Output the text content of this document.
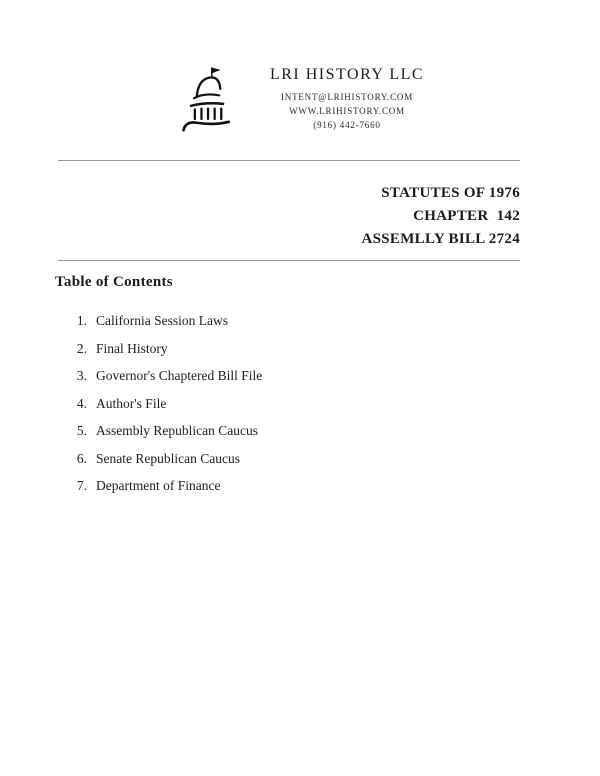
LRI HISTORY LLC
INTENT@LRIHISTORY.COM
WWW.LRIHISTORY.COM
(916) 442-7660
STATUTES OF 1976
CHAPTER  142
ASSEMLLY BILL 2724
Table of Contents
1. California Session Laws
2. Final History
3. Governor's Chaptered Bill File
4. Author's File
5. Assembly Republican Caucus
6. Senate Republican Caucus
7. Department of Finance
